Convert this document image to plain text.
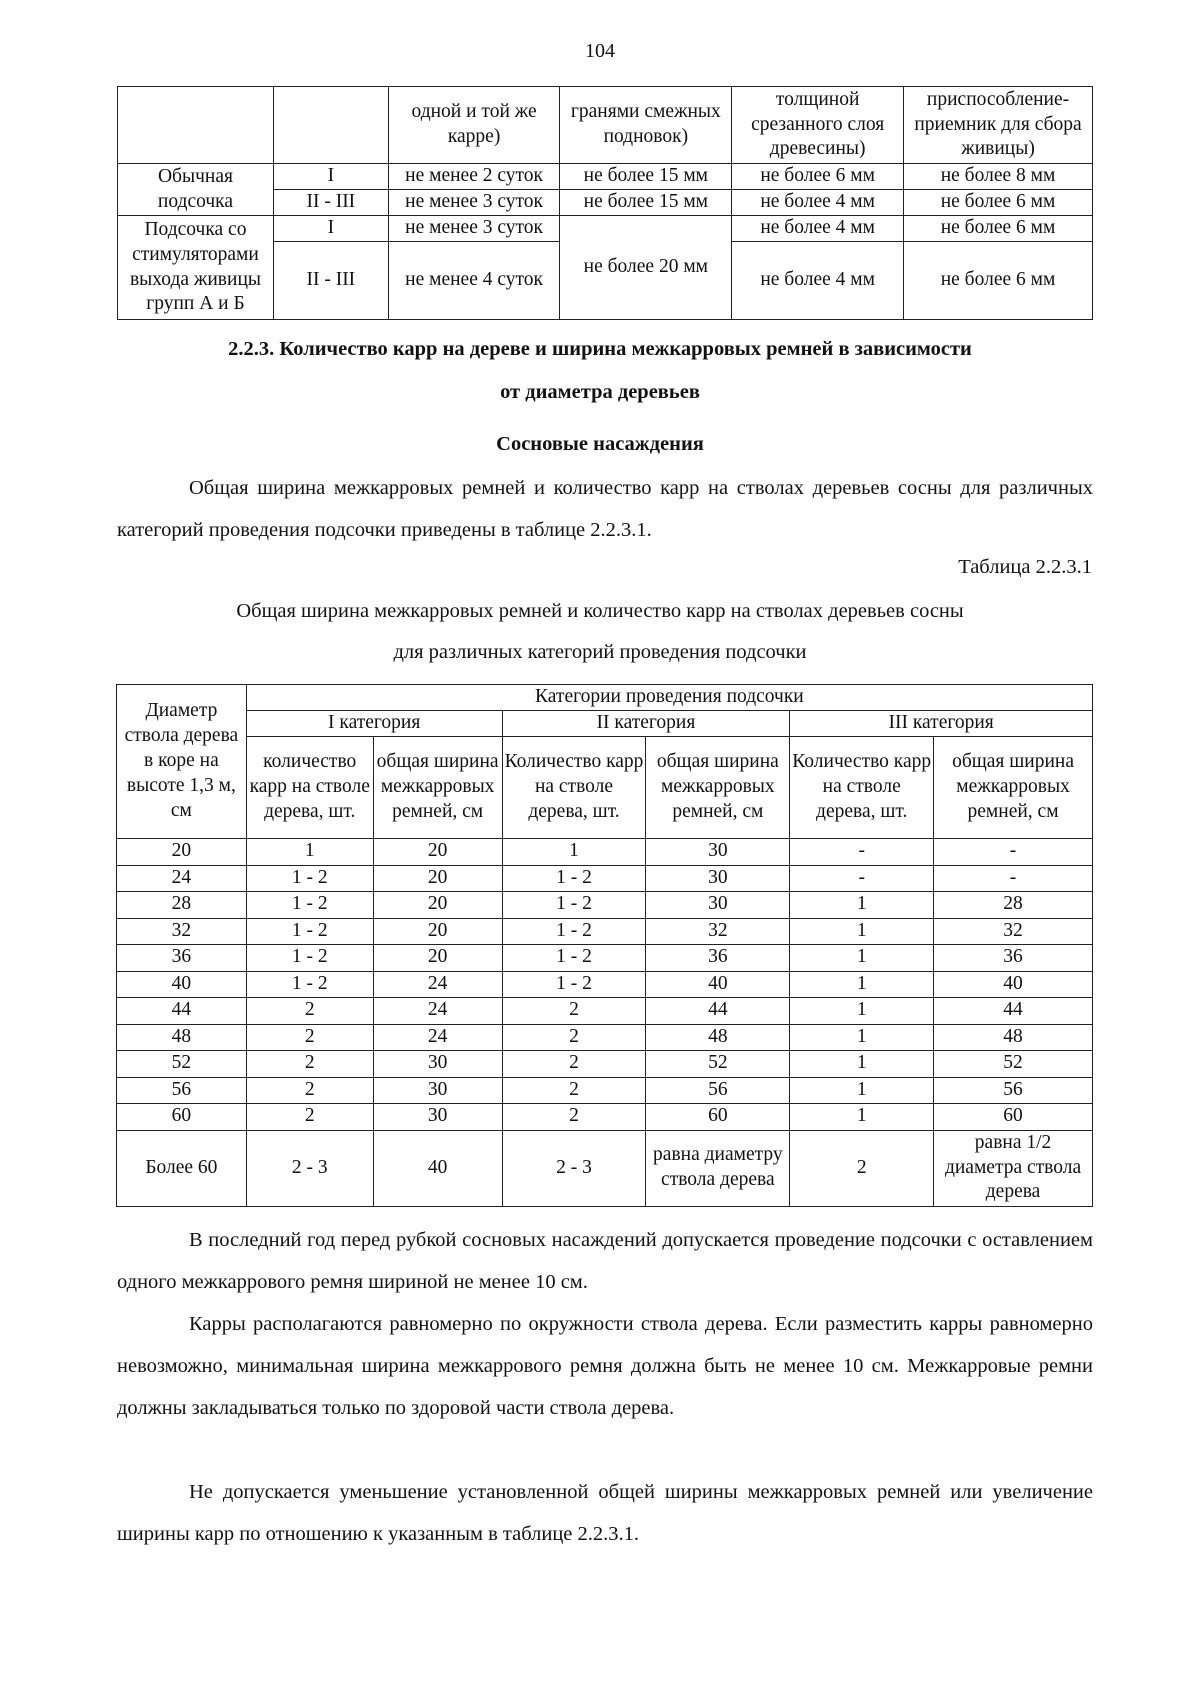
104
		одной и той же карре)	гранями смежных подновок)	толщиной срезанного слоя древесины)	приспособление-приемник для сбора живицы)
Обычная подсочка	I	не менее 2 суток	не более 15 мм	не более 6 мм	не более 8 мм
	II - III	не менее 3 суток	не более 15 мм	не более 4 мм	не более 6 мм
Подсочка со стимуляторами выхода живицы групп А и Б	I	не менее 3 суток	не более 20 мм	не более 4 мм	не более 6 мм
	II - III	не менее 4 суток		не более 4 мм	не более 6 мм
2.2.3. Количество карр на дереве и ширина межкарровых ремней в зависимости
от диаметра деревьев
Сосновые насаждения
Общая ширина межкарровых ремней и количество карр на стволах деревьев сосны для различных категорий проведения подсочки приведены в таблице 2.2.3.1.
Таблица 2.2.3.1
Общая ширина межкарровых ремней и количество карр на стволах деревьев сосны
для различных категорий проведения подсочки
Диаметр ствола дерева в коре на высоте 1,3 м, см	Категории проведения подсочки					
	I категория		II категория		III категория	
	количество карр на стволе дерева, шт.	общая ширина межкарровых ремней, см	Количество карр на стволе дерева, шт.	общая ширина межкарровых ремней, см	Количество карр на стволе дерева, шт.	общая ширина межкарровых ремней, см
20	1	20	1	30	-	-
24	1 - 2	20	1 - 2	30	-	-
28	1 - 2	20	1 - 2	30	1	28
32	1 - 2	20	1 - 2	32	1	32
36	1 - 2	20	1 - 2	36	1	36
40	1 - 2	24	1 - 2	40	1	40
44	2	24	2	44	1	44
48	2	24	2	48	1	48
52	2	30	2	52	1	52
56	2	30	2	56	1	56
60	2	30	2	60	1	60
Более 60	2 - 3	40	2 - 3	равна диаметру ствола дерева	2	равна 1/2 диаметра ствола дерева
В последний год перед рубкой сосновых насаждений допускается проведение подсочки с оставлением одного межкаррового ремня шириной не менее 10 см.
Карры располагаются равномерно по окружности ствола дерева. Если разместить карры равномерно невозможно, минимальная ширина межкаррового ремня должна быть не менее 10 см. Межкарровые ремни должны закладываться только по здоровой части ствола дерева.
Не допускается уменьшение установленной общей ширины межкарровых ремней или увеличение ширины карр по отношению к указанным в таблице 2.2.3.1.
